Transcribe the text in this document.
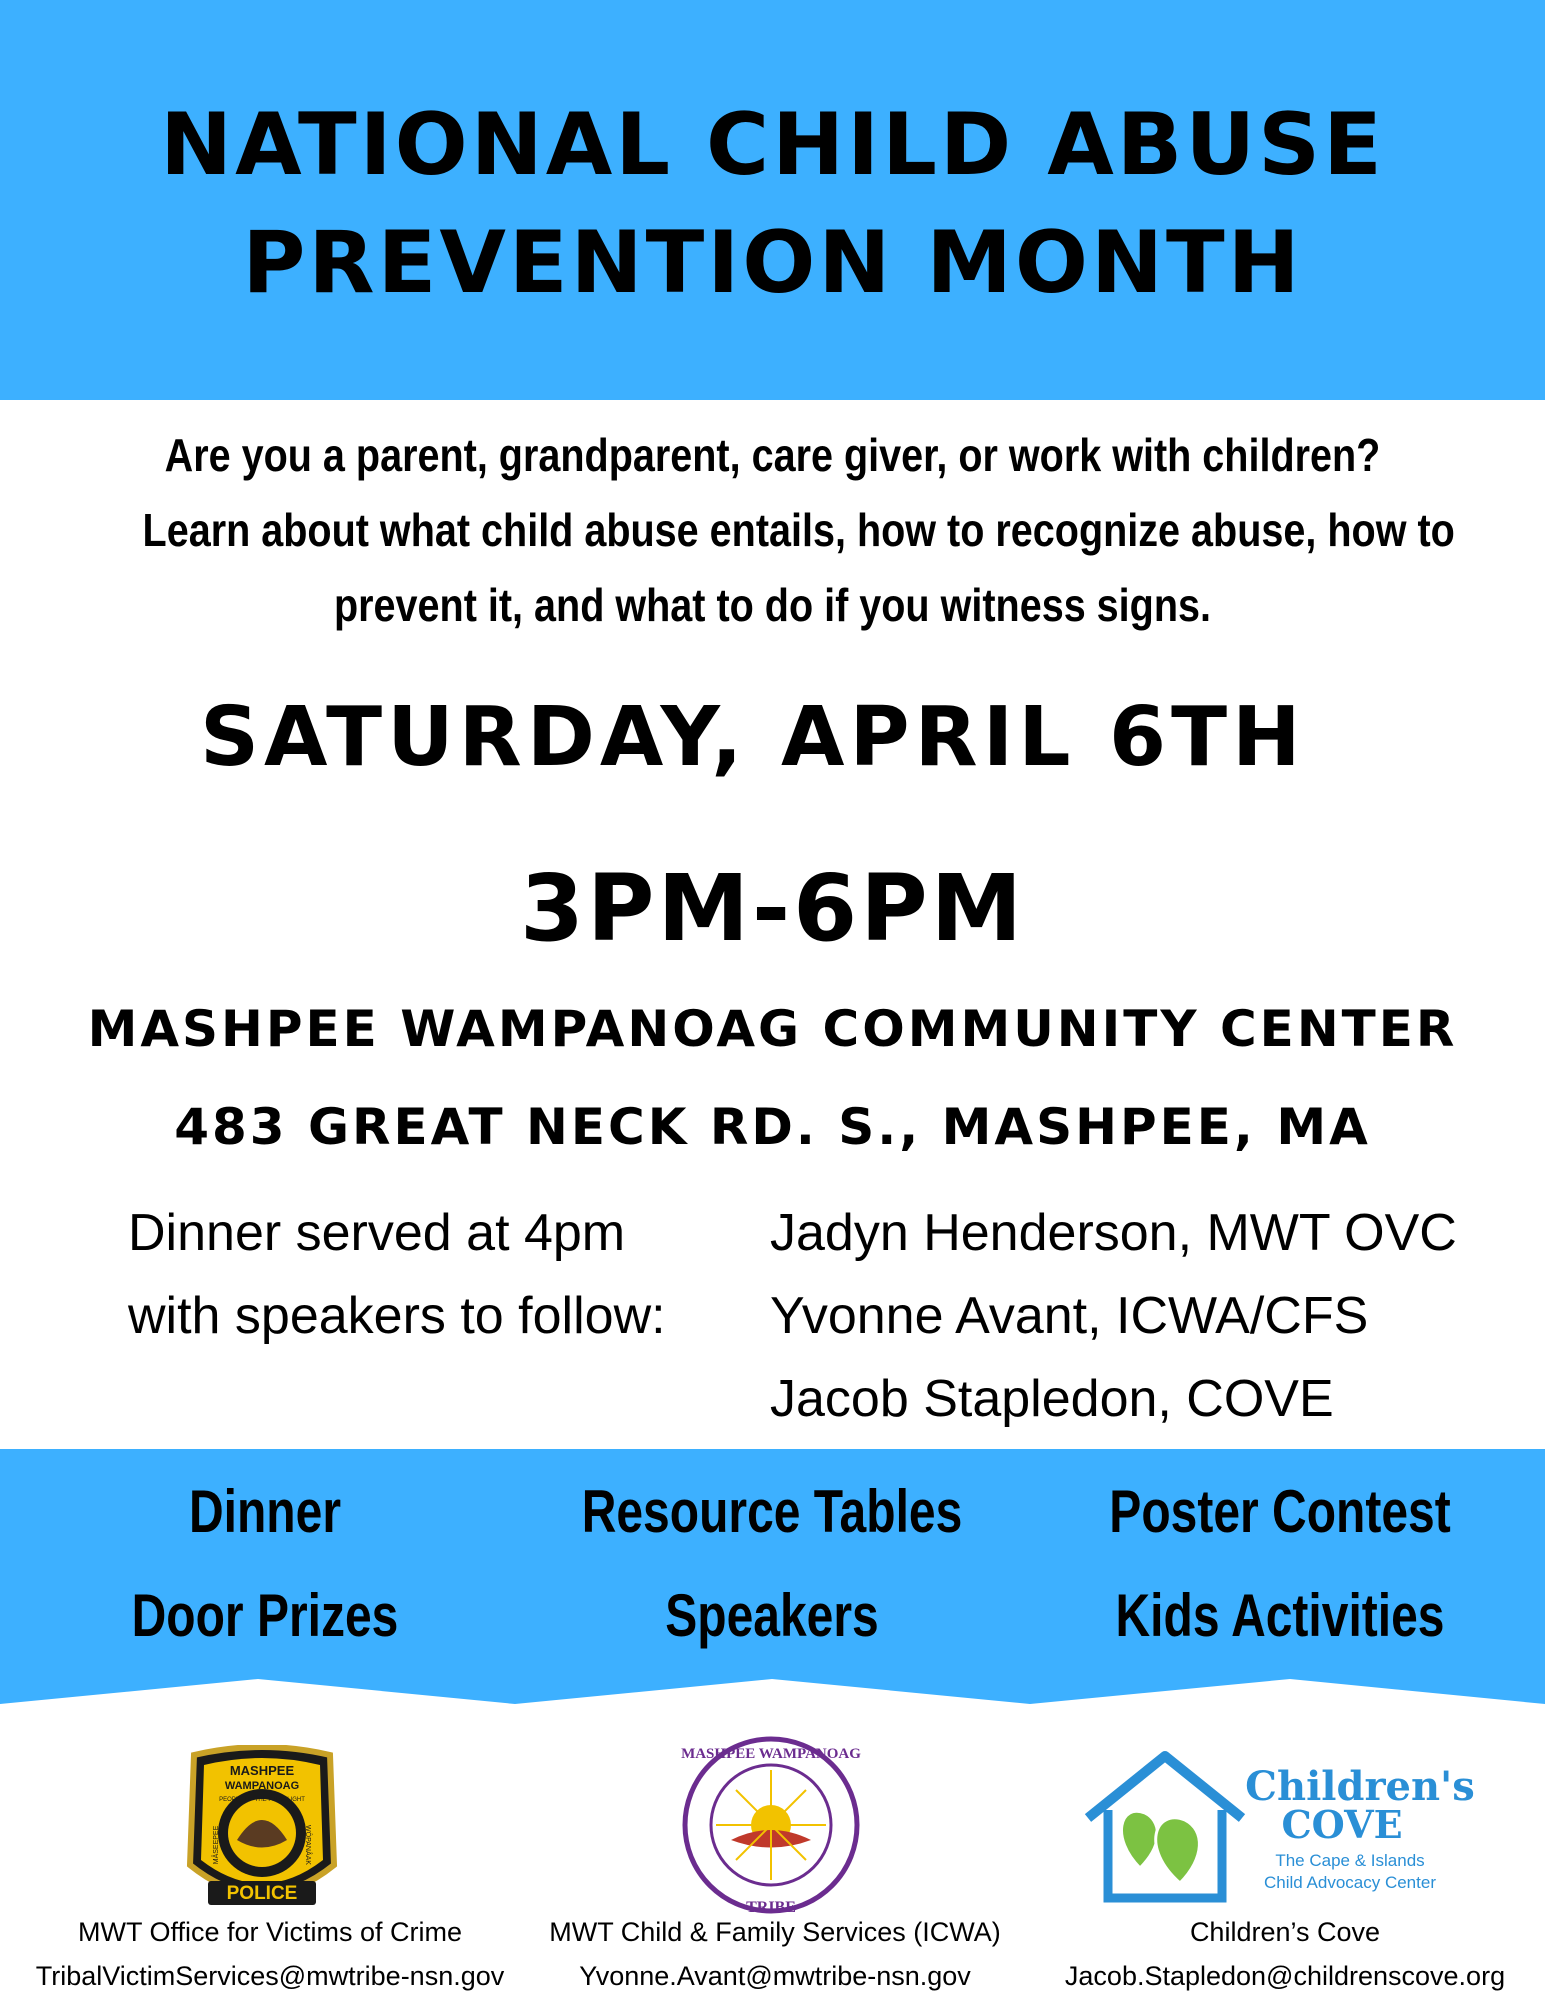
NATIONAL CHILD ABUSE
PREVENTION MONTH
Are you a parent, grandparent, care giver, or work with children?
Learn about what child abuse entails, how to recognize abuse, how to
prevent it, and what to do if you witness signs.
SATURDAY, APRIL 6TH
3PM-6PM
MASHPEE WAMPANOAG COMMUNITY CENTER
483 GREAT NECK RD. S., MASHPEE, MA
Dinner served at 4pm
with speakers to follow:
Jadyn Henderson, MWT OVC
Yvonne Avant, ICWA/CFS
Jacob Stapledon, COVE
Dinner
Door Prizes
Resource Tables
Speakers
Poster Contest
Kids Activities
POLICE
MASHPEE
WAMPANOAG
PEOPLE OF THE FIRST LIGHT
MÂSEEPEE	WÔPANÂAK
MASHPEE WAMPANOAG
TRIBE
Children's
COVE
The Cape & Islands
Child Advocacy Center
MWT Office for Victims of Crime
TribalVictimServices@mwtribe-nsn.gov
MWT Child & Family Services (ICWA)
Yvonne.Avant@mwtribe-nsn.gov
Children’s Cove
Jacob.Stapledon@childrenscove.org
